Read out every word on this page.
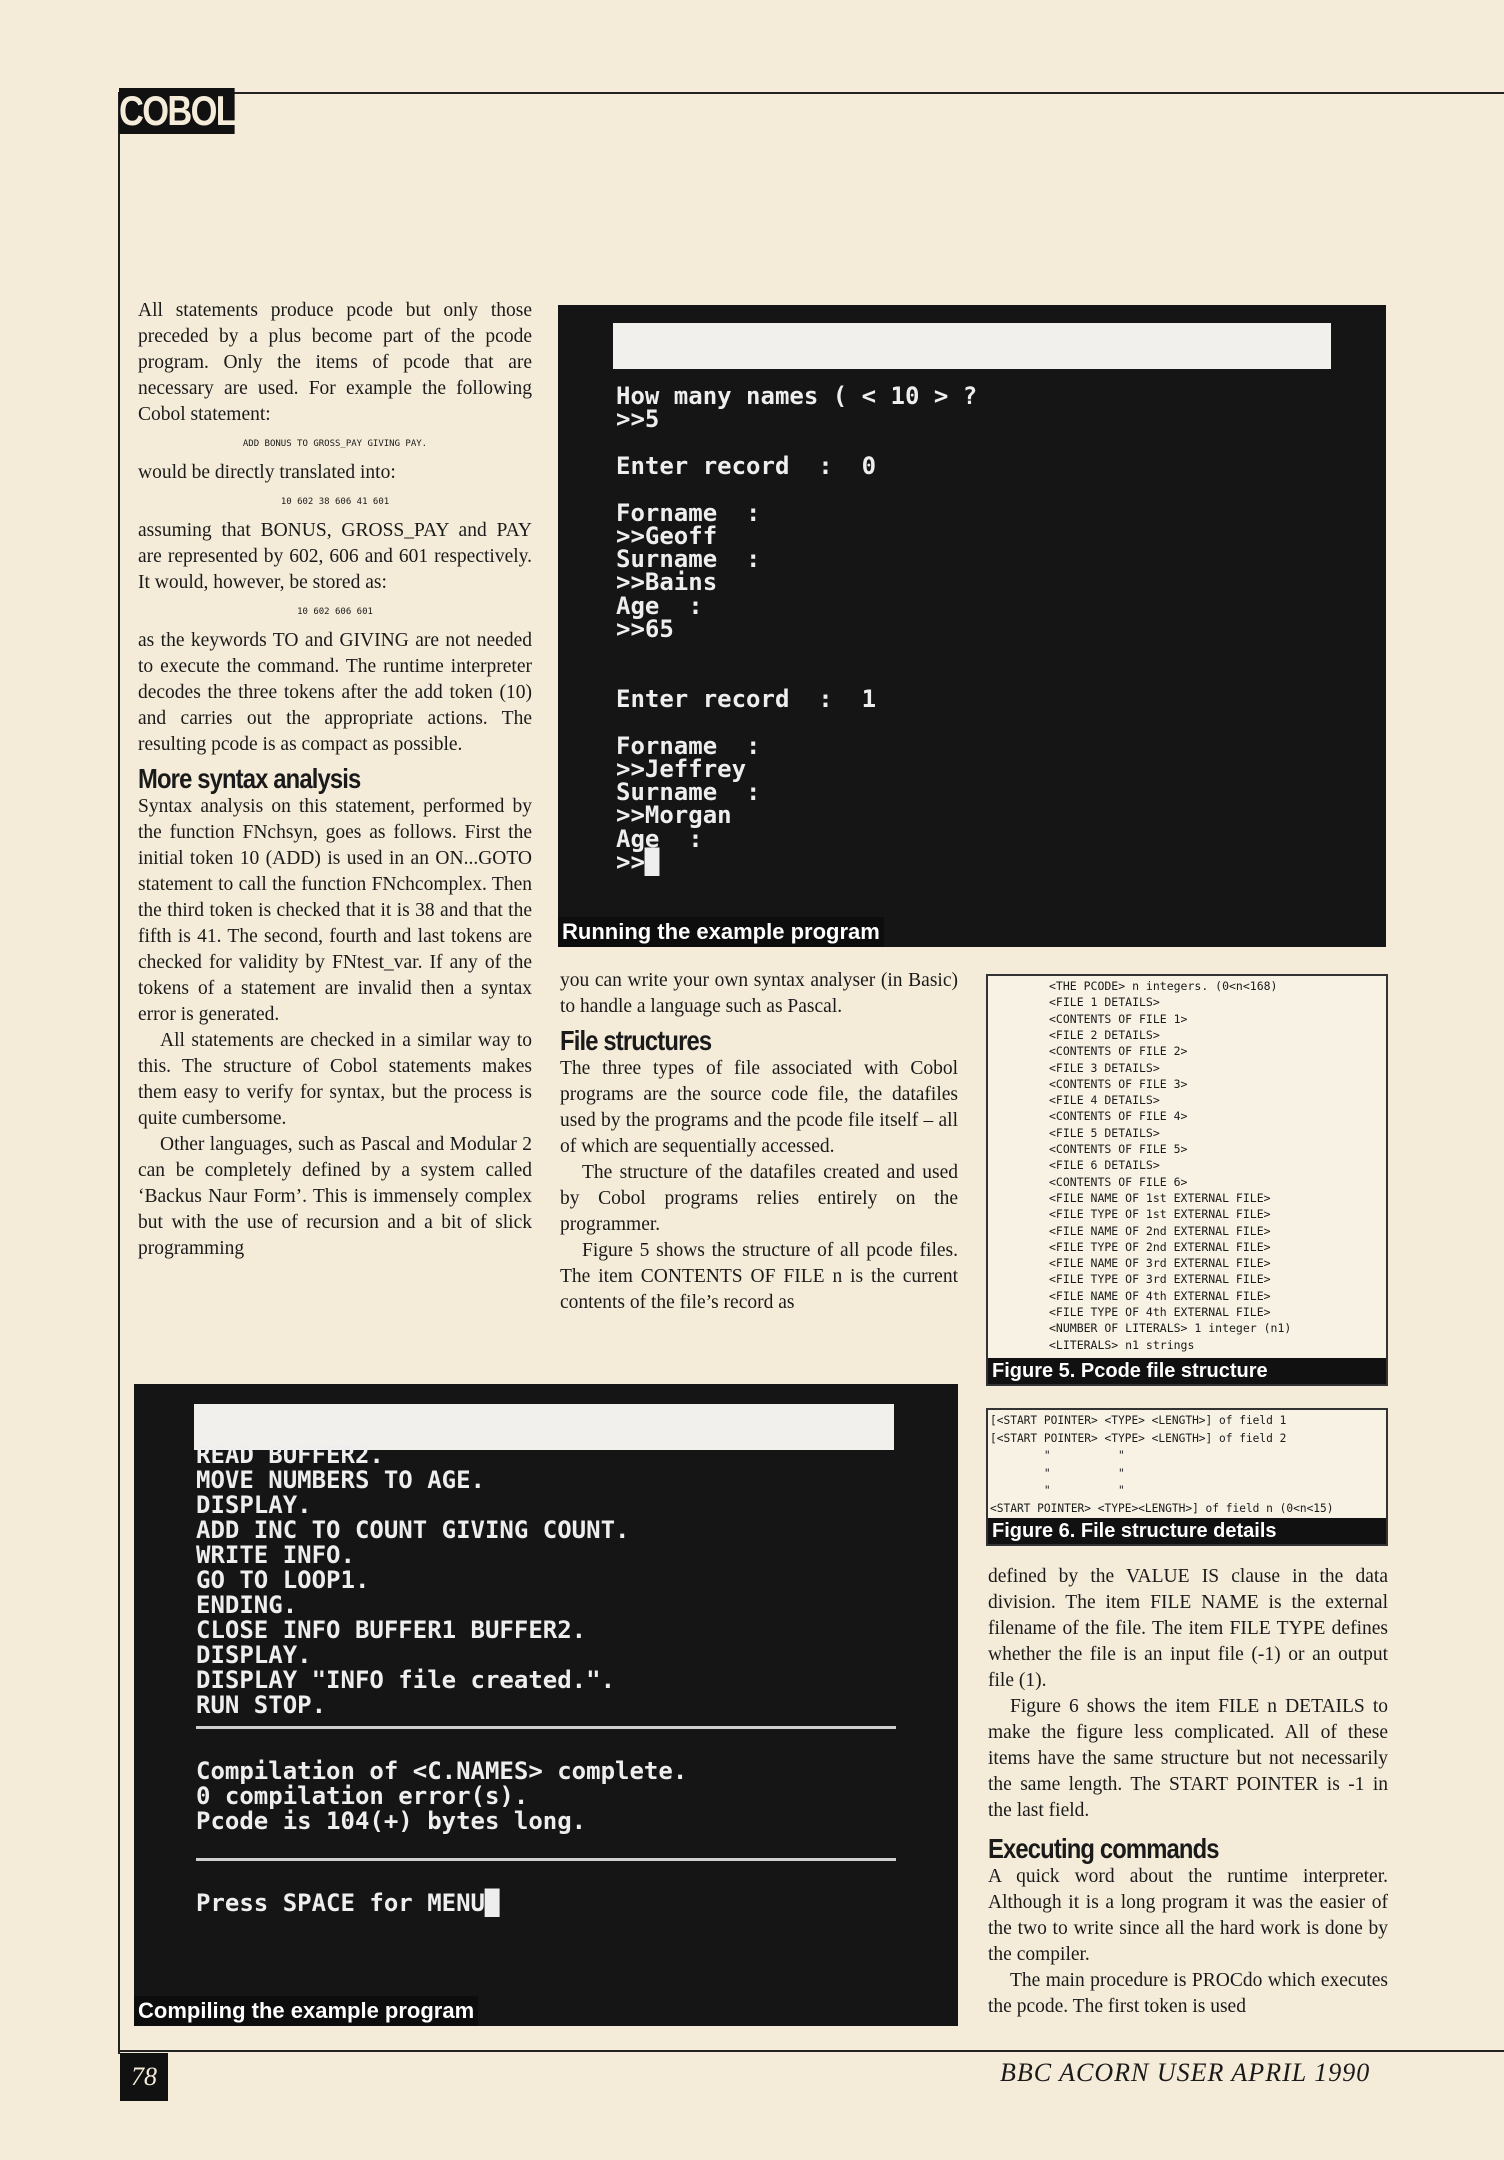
COBOL

All statements produce pcode but only those preceded by a plus become part of the pcode program. Only the items of pcode that are necessary are used. For example the following Cobol statement:

ADD BONUS TO GROSS_PAY GIVING PAY.

would be directly translated into:

10 602 38 606 41 601

assuming that BONUS, GROSS_PAY and PAY are represented by 602, 606 and 601 respectively. It would, however, be stored as:

10 602 606 601

as the keywords TO and GIVING are not needed to execute the command. The runtime interpreter decodes the three tokens after the add token (10) and carries out the appropriate actions. The resulting pcode is as compact as possible.

More syntax analysis

Syntax analysis on this statement, performed by the function FNchsyn, goes as follows. First the initial token 10 (ADD) is used in an ON...GOTO statement to call the function FNchcomplex. Then the third token is checked that it is 38 and that the fifth is 41. The second, fourth and last tokens are checked for validity by FNtest_var. If any of the tokens of a statement are invalid then a syntax error is generated.

All statements are checked in a similar way to this. The structure of Cobol statements makes them easy to verify for syntax, but the process is quite cumbersome.

Other languages, such as Pascal and Modular 2 can be completely defined by a system called ‘Backus Naur Form’. This is immensely complex but with the use of recursion and a bit of slick programming

How many names ( < 10 > ?
>>5
Enter record  :  0
Forname  :
>>Geoff
Surname  :
>>Bains
Age  :
>>65
Enter record  :  1
Forname  :
>>Jeffrey
Surname  :
>>Morgan
Age  :
>>█
Running the example program

you can write your own syntax analyser (in Basic) to handle a language such as Pascal.

File structures

The three types of file associated with Cobol programs are the source code file, the datafiles used by the programs and the pcode file itself – all of which are sequentially accessed.

The structure of the datafiles created and used by Cobol programs relies entirely on the programmer.

Figure 5 shows the structure of all pcode files. The item CONTENTS OF FILE n is the current contents of the file’s record as

<THE PCODE> n integers. (0<n<168)
<FILE 1 DETAILS>
<CONTENTS OF FILE 1>
<FILE 2 DETAILS>
<CONTENTS OF FILE 2>
<FILE 3 DETAILS>
<CONTENTS OF FILE 3>
<FILE 4 DETAILS>
<CONTENTS OF FILE 4>
<FILE 5 DETAILS>
<CONTENTS OF FILE 5>
<FILE 6 DETAILS>
<CONTENTS OF FILE 6>
<FILE NAME OF 1st EXTERNAL FILE>
<FILE TYPE OF 1st EXTERNAL FILE>
<FILE NAME OF 2nd EXTERNAL FILE>
<FILE TYPE OF 2nd EXTERNAL FILE>
<FILE NAME OF 3rd EXTERNAL FILE>
<FILE TYPE OF 3rd EXTERNAL FILE>
<FILE NAME OF 4th EXTERNAL FILE>
<FILE TYPE OF 4th EXTERNAL FILE>
<NUMBER OF LITERALS> 1 integer (n1)
<LITERALS> n1 strings
Figure 5. Pcode file structure
[<START POINTER> <TYPE> <LENGTH>] of field 1
[<START POINTER> <TYPE> <LENGTH>] of field 2
"          "
"          "
"          "
<START POINTER> <TYPE><LENGTH>] of field n (0<n<15)
Figure 6. File structure details
READ BUFFER2.
MOVE NUMBERS TO AGE.
DISPLAY.
ADD INC TO COUNT GIVING COUNT.
WRITE INFO.
GO TO LOOP1.
ENDING.
CLOSE INFO BUFFER1 BUFFER2.
DISPLAY.
DISPLAY "INFO file created.".
RUN STOP.
Compilation of <C.NAMES> complete.
0 compilation error(s).
Pcode is 104(+) bytes long.
Press SPACE for MENU█
Compiling the example program

defined by the VALUE IS clause in the data division. The item FILE NAME is the external filename of the file. The item FILE TYPE defines whether the file is an input file (-1) or an output file (1).

Figure 6 shows the item FILE n DETAILS to make the figure less complicated. All of these items have the same structure but not necessarily the same length. The START POINTER is -1 in the last field.

Executing commands

A quick word about the runtime interpreter. Although it is a long program it was the easier of the two to write since all the hard work is done by the compiler.

The main procedure is PROCdo which executes the pcode. The first token is used

78	BBC ACORN USER APRIL 1990
